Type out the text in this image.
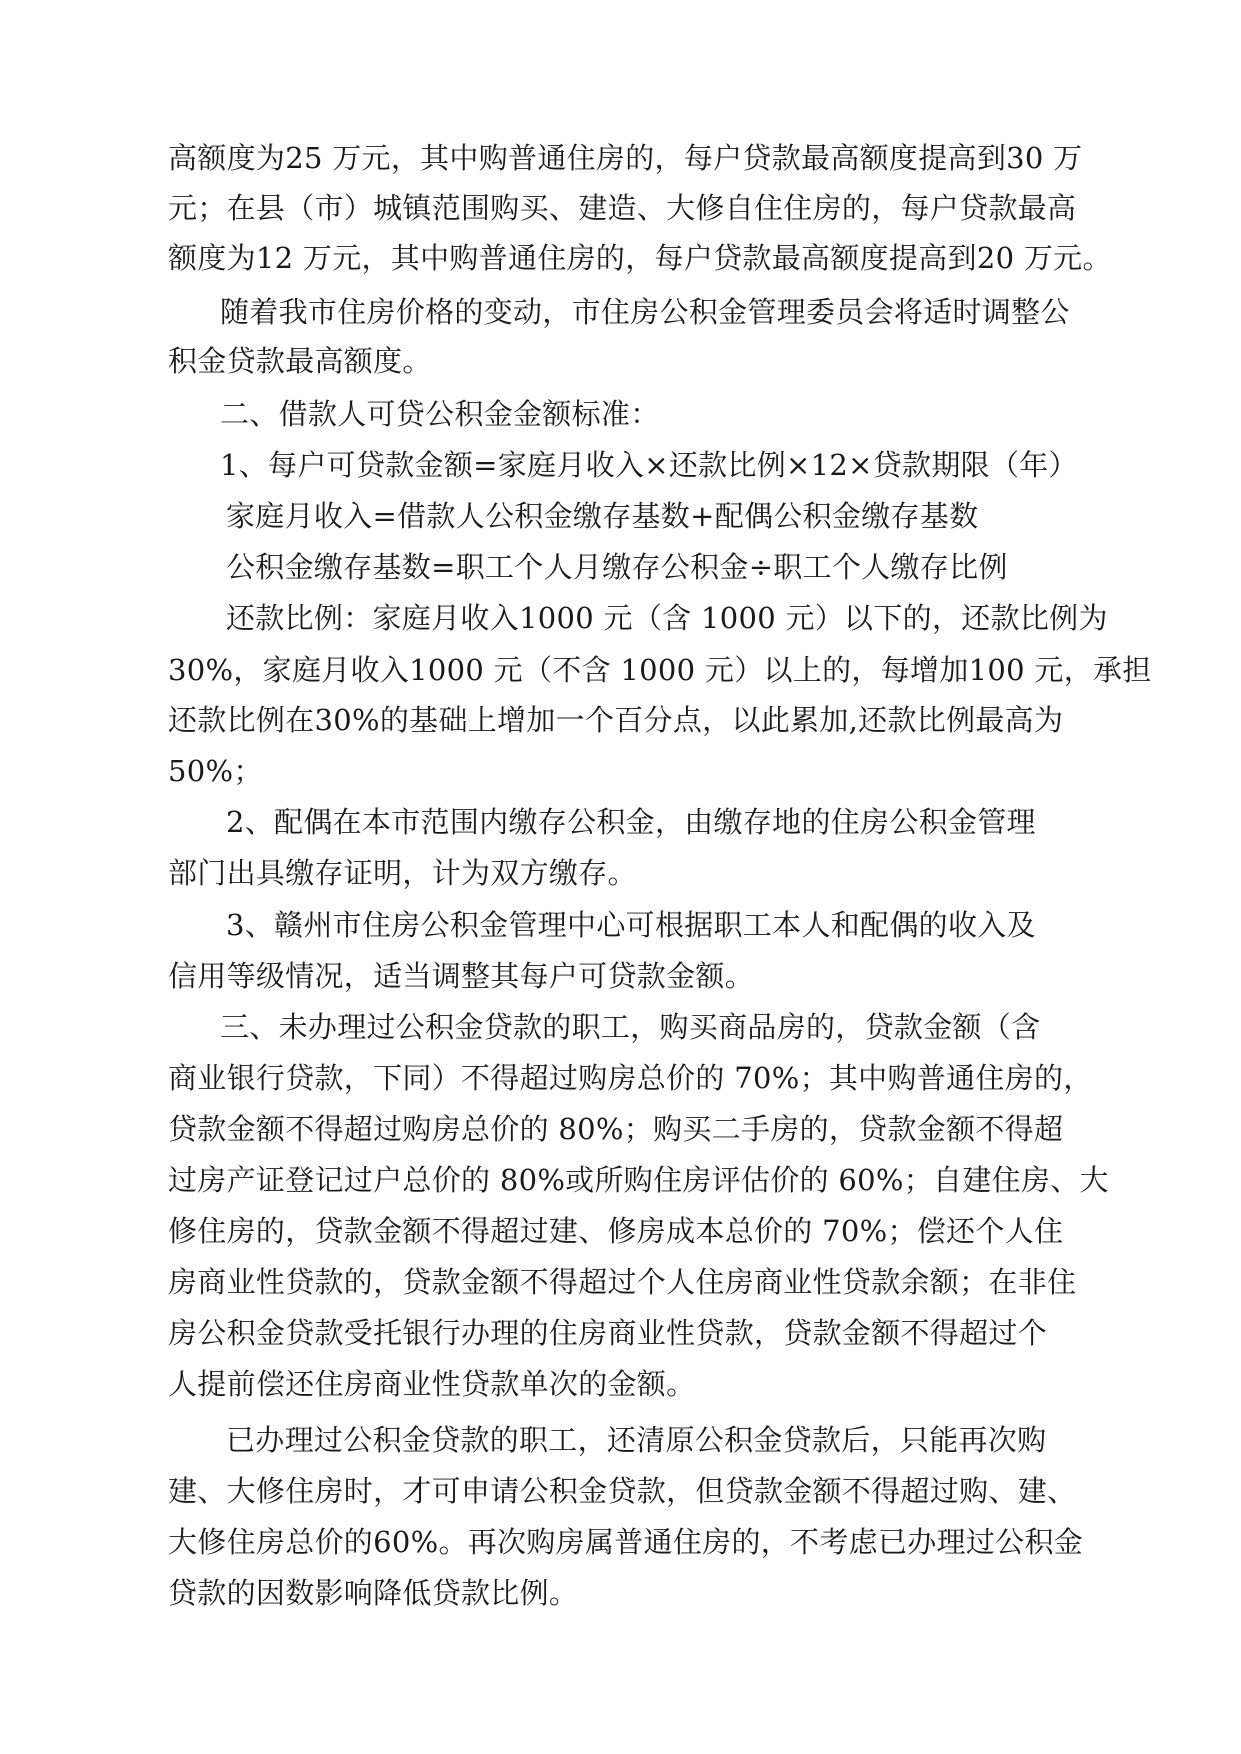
高额度为25 万元，其中购普通住房的，每户贷款最高额度提高到30 万
元；在县（市）城镇范围购买、建造、大修自住住房的，每户贷款最高
额度为12 万元，其中购普通住房的，每户贷款最高额度提高到20 万元。
随着我市住房价格的变动，市住房公积金管理委员会将适时调整公
积金贷款最高额度。
二、借款人可贷公积金金额标准：
1、每户可贷款金额=家庭月收入×还款比例×12×贷款期限（年）
家庭月收入=借款人公积金缴存基数+配偶公积金缴存基数
公积金缴存基数=职工个人月缴存公积金÷职工个人缴存比例
还款比例：家庭月收入1000 元（含 1000 元）以下的，还款比例为
30%，家庭月收入1000 元（不含 1000 元）以上的，每增加100 元，承担
还款比例在30%的基础上增加一个百分点，以此累加,还款比例最高为
50%；
2、配偶在本市范围内缴存公积金，由缴存地的住房公积金管理
部门出具缴存证明，计为双方缴存。
3、赣州市住房公积金管理中心可根据职工本人和配偶的收入及
信用等级情况，适当调整其每户可贷款金额。
三、未办理过公积金贷款的职工，购买商品房的，贷款金额（含
商业银行贷款，下同）不得超过购房总价的 70%；其中购普通住房的，
贷款金额不得超过购房总价的 80%；购买二手房的，贷款金额不得超
过房产证登记过户总价的 80%或所购住房评估价的 60%；自建住房、大
修住房的，贷款金额不得超过建、修房成本总价的 70%；偿还个人住
房商业性贷款的，贷款金额不得超过个人住房商业性贷款余额；在非住
房公积金贷款受托银行办理的住房商业性贷款，贷款金额不得超过个
人提前偿还住房商业性贷款单次的金额。
已办理过公积金贷款的职工，还清原公积金贷款后，只能再次购
建、大修住房时，才可申请公积金贷款，但贷款金额不得超过购、建、
大修住房总价的60%。再次购房属普通住房的，不考虑已办理过公积金
贷款的因数影响降低贷款比例。
